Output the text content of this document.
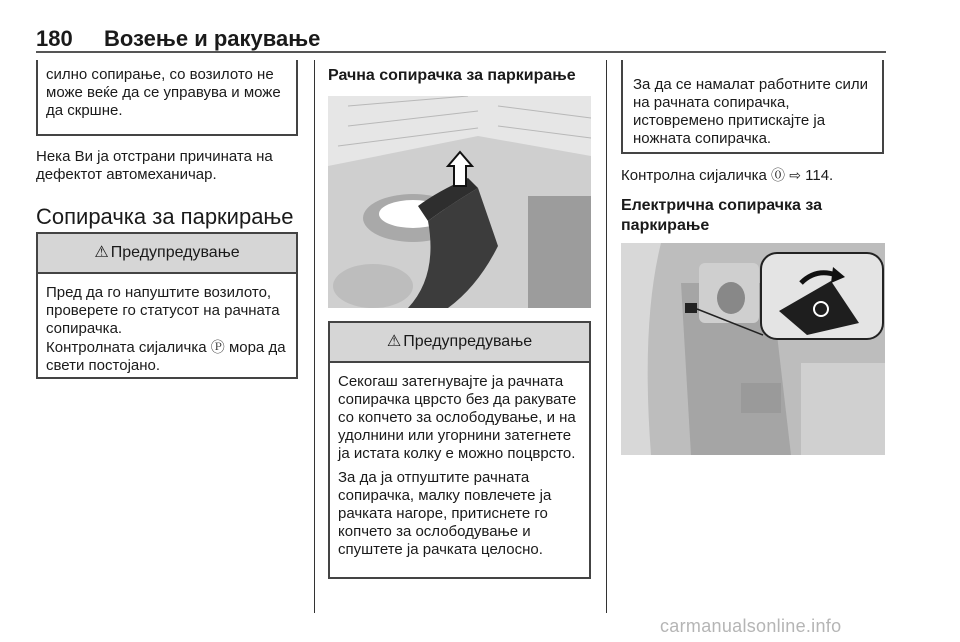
180 Возење и ракување
силно сопирање, со возилото не може веќе да се управува и може да скршне.
Нека Ви ја отстрани причината на дефектот автомеханичар.
Сопирачка за паркирање
⚠ Предупредување

Пред да го напуштите возилото, проверете го статусот на рачната сопирачка.

Контролната сијаличка Ⓟ мора да свети постојано.

Рачна сопирачка за паркирање
⚠ Предупредување

Секогаш затегнувајте ја рачната сопирачка цврсто без да ракувате со копчето за ослободување, и на удолнини или угорнини затегнете ја истата колку е можно поцврсто.

За да ја отпуштите рачната сопирачка, малку повлечете ја рачката нагоре, притиснете го копчето за ослободување и спуштете ја рачката целосно.

За да се намалат работните сили на рачната сопирачка, истовремено притискајте ја ножната сопирачка.
Контролна сијаличка ⓪ ⇨ 114.
Електрична сопирачка за паркирање
carmanualsonline.info
